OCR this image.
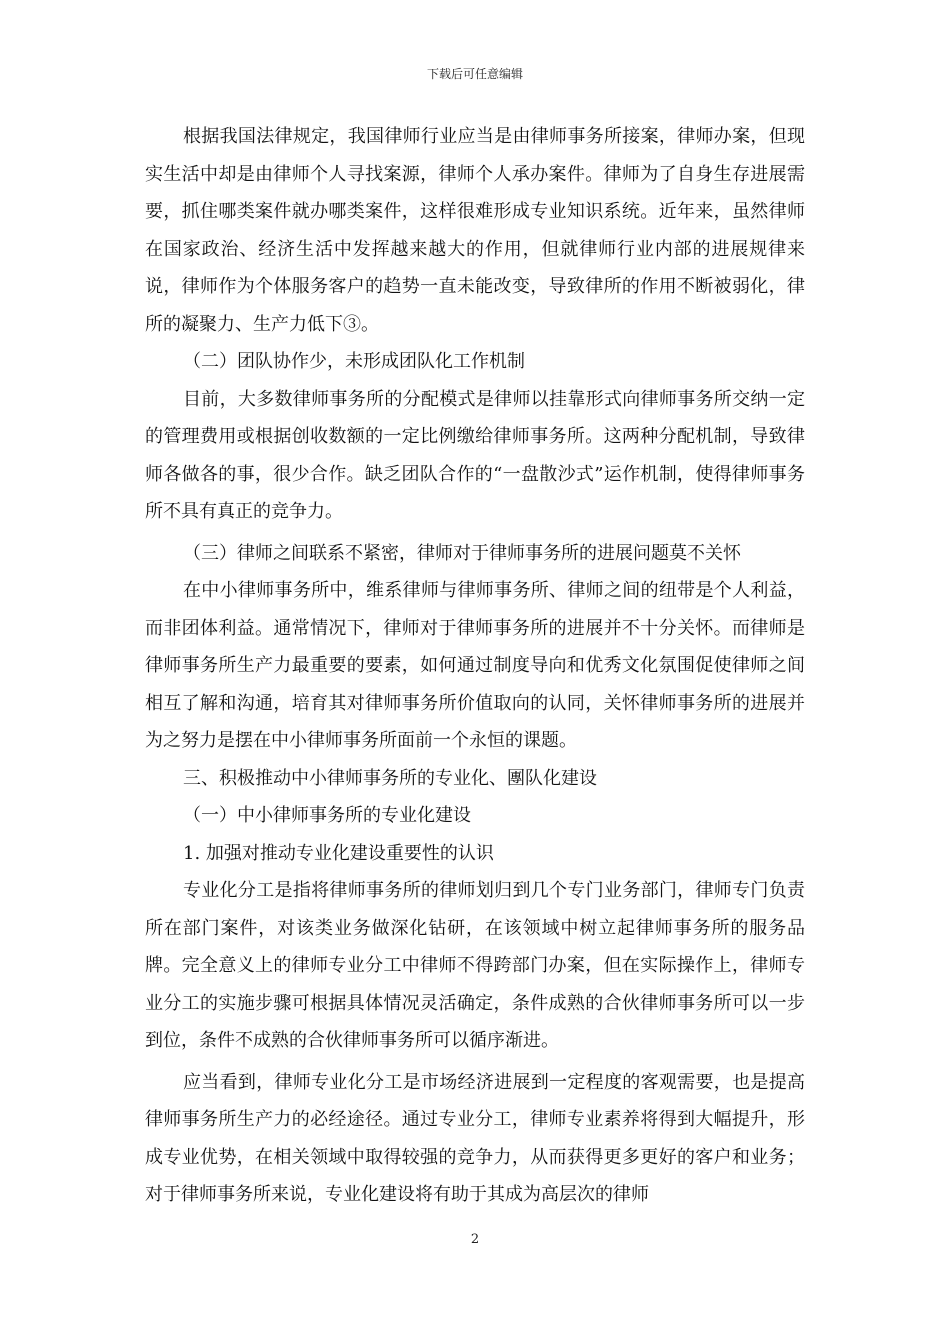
下载后可任意编辑

根据我国法律规定，我国律师行业应当是由律师事务所接案，律师办案，但现实生活中却是由律师个人寻找案源，律师个人承办案件。律师为了自身生存进展需要，抓住哪类案件就办哪类案件，这样很难形成专业知识系统。近年来，虽然律师在国家政治、经济生活中发挥越来越大的作用，但就律师行业内部的进展规律来说，律师作为个体服务客户的趋势一直未能改变，导致律所的作用不断被弱化，律所的凝聚力、生产力低下③。

（二）团队协作少，未形成团队化工作机制

目前，大多数律师事务所的分配模式是律师以挂靠形式向律师事务所交纳一定的管理费用或根据创收数额的一定比例缴给律师事务所。这两种分配机制，导致律师各做各的事，很少合作。缺乏团队合作的“一盘散沙式”运作机制，使得律师事务所不具有真正的竞争力。

（三）律师之间联系不紧密，律师对于律师事务所的进展问题莫不关怀

在中小律师事务所中，维系律师与律师事务所、律师之间的纽带是个人利益，而非团体利益。通常情况下，律师对于律师事务所的进展并不十分关怀。而律师是律师事务所生产力最重要的要素，如何通过制度导向和优秀文化氛围促使律师之间相互了解和沟通，培育其对律师事务所价值取向的认同，关怀律师事务所的进展并为之努力是摆在中小律师事务所面前一个永恒的课题。

三、积极推动中小律师事务所的专业化、團队化建设

（一）中小律师事务所的专业化建设

1. 加强对推动专业化建设重要性的认识

专业化分工是指将律师事务所的律师划归到几个专门业务部门，律师专门负责所在部门案件，对该类业务做深化钻研，在该领域中树立起律师事务所的服务品牌。完全意义上的律师专业分工中律师不得跨部门办案，但在实际操作上，律师专业分工的实施步骤可根据具体情况灵活确定，条件成熟的合伙律师事务所可以一步到位，条件不成熟的合伙律师事务所可以循序渐进。

应当看到，律师专业化分工是市场经济进展到一定程度的客观需要，也是提高律师事务所生产力的必经途径。通过专业分工，律师专业素养将得到大幅提升，形成专业优势，在相关领域中取得较强的竞争力，从而获得更多更好的客户和业务；对于律师事务所来说，专业化建设将有助于其成为高层次的律师

2
